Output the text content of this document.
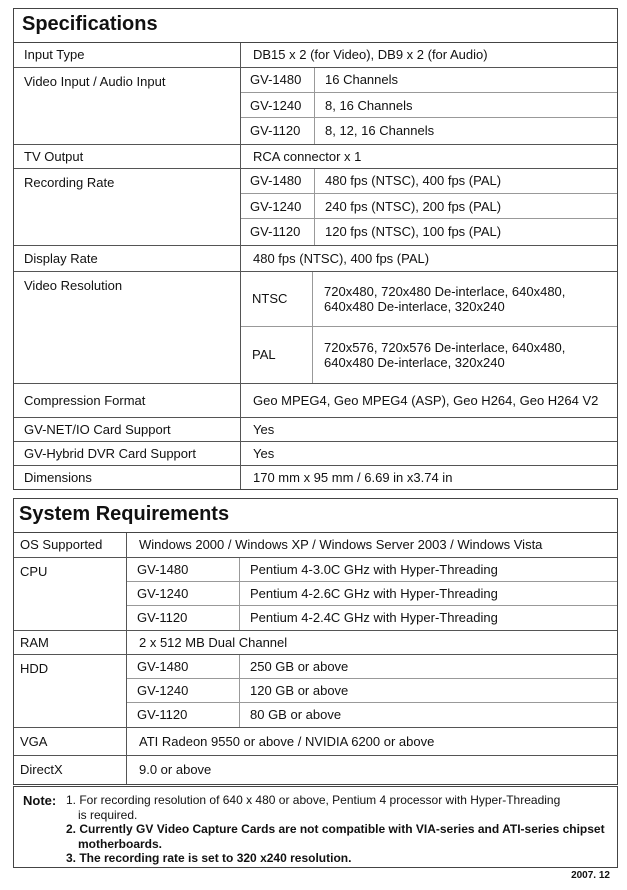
Specifications
Input Type	DB15 x 2 (for Video), DB9 x 2 (for Audio)
Video Input / Audio Input		GV-1480	16 Channels
GV-1240	8, 16 Channels
GV-1120	8, 12, 16 Channels

TV Output	RCA connector x 1
Recording Rate		GV-1480	480 fps (NTSC), 400 fps (PAL)
GV-1240	240 fps (NTSC), 200 fps (PAL)
GV-1120	120 fps (NTSC), 100 fps (PAL)

Display Rate	480 fps (NTSC), 400 fps (PAL)
Video Resolution	
NTSC	720x480, 720x480 De-interlace, 640x480,
640x480 De-interlace, 320x240

PAL	720x576, 720x576 De-interlace, 640x480,
640x480 De-interlace, 320x240

Compression Format	Geo MPEG4, Geo MPEG4 (ASP), Geo H264, Geo H264 V2
GV-NET/IO Card Support	Yes
GV-Hybrid DVR Card Support	Yes
Dimensions	170 mm x 95 mm / 6.69 in x3.74 in
System Requirements
OS Supported	Windows 2000 / Windows XP / Windows Server 2003 / Windows Vista
CPU		GV-1480	Pentium 4-3.0C GHz with Hyper-Threading
GV-1240	Pentium 4-2.6C GHz with Hyper-Threading
GV-1120	Pentium 4-2.4C GHz with Hyper-Threading

RAM	2 x 512 MB Dual Channel
HDD		GV-1480	250 GB or above
GV-1240	120 GB or above
GV-1120	80 GB or above

VGA	ATI Radeon 9550 or above / NVIDIA 6200 or above
DirectX	9.0 or above
Note: 1. For recording resolution of 640 x 480 or above, Pentium 4 processor with Hyper-Threading
is required.
2. Currently GV Video Capture Cards are not compatible with VIA-series and ATI-series chipset
motherboards.
3. The recording rate is set to 320 x240 resolution.
2007. 12
